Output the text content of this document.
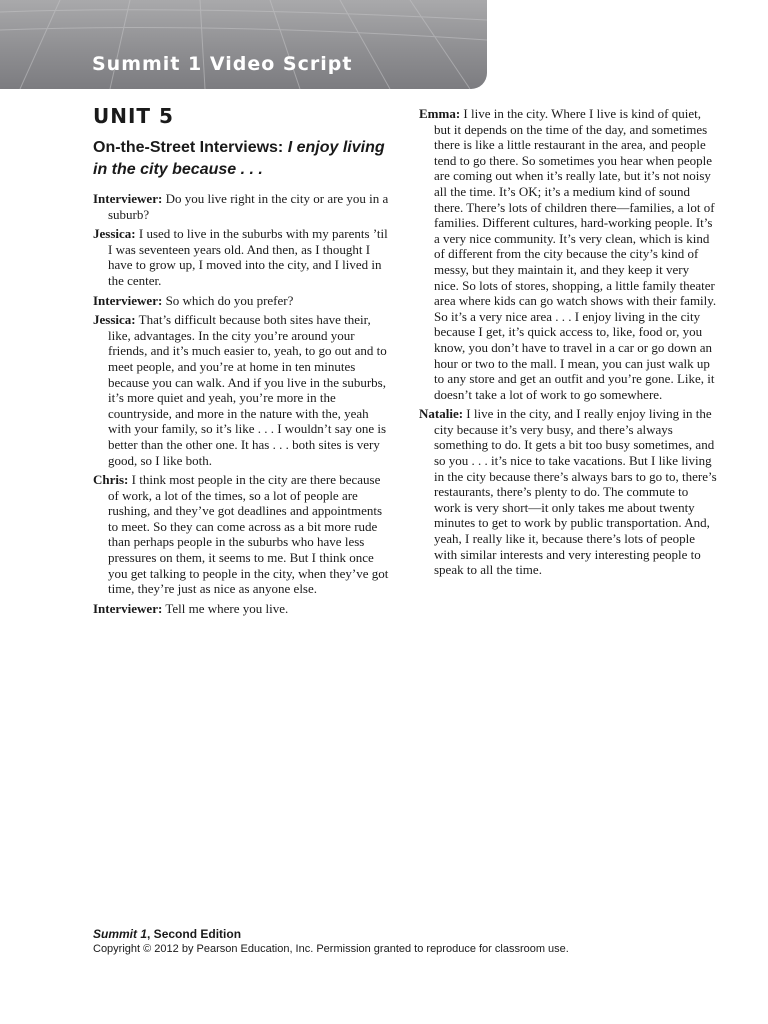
Summit 1 Video Script
UNIT 5
On-the-Street Interviews: I enjoy living in the city because . . .

Interviewer: Do you live right in the city or are you in a suburb?

Jessica: I used to live in the suburbs with my parents ’til I was seventeen years old. And then, as I thought I have to grow up, I moved into the city, and I lived in the center.

Interviewer: So which do you prefer?

Jessica: That’s difficult because both sites have their, like, advantages. In the city you’re around your friends, and it’s much easier to, yeah, to go out and to meet people, and you’re at home in ten minutes because you can walk. And if you live in the suburbs, it’s more quiet and yeah, you’re more in the countryside, and more in the nature with the, yeah with your family, so it’s like . . . I wouldn’t say one is better than the other one. It has . . . both sites is very good, so I like both.

Chris: I think most people in the city are there because of work, a lot of the times, so a lot of people are rushing, and they’ve got deadlines and appointments to meet. So they can come across as a bit more rude than perhaps people in the suburbs who have less pressures on them, it seems to me. But I think once you get talking to people in the city, when they’ve got time, they’re just as nice as anyone else.

Interviewer: Tell me where you live.

Emma: I live in the city. Where I live is kind of quiet, but it depends on the time of the day, and sometimes there is like a little restaurant in the area, and people tend to go there. So sometimes you hear when people are coming out when it’s really late, but it’s not noisy all the time. It’s OK; it’s a medium kind of sound there. There’s lots of children there—families, a lot of families. Different cultures, hard-working people. It’s a very nice community. It’s very clean, which is kind of different from the city because the city’s kind of messy, but they maintain it, and they keep it very nice. So lots of stores, shopping, a little family theater area where kids can go watch shows with their family. So it’s a very nice area . . . I enjoy living in the city because I get, it’s quick access to, like, food or, you know, you don’t have to travel in a car or go down an hour or two to the mall. I mean, you can just walk up to any store and get an outfit and you’re gone. Like, it doesn’t take a lot of work to go somewhere.

Natalie: I live in the city, and I really enjoy living in the city because it’s very busy, and there’s always something to do. It gets a bit too busy sometimes, and so you . . . it’s nice to take vacations. But I like living in the city because there’s always bars to go to, there’s restaurants, there’s plenty to do. The commute to work is very short—it only takes me about twenty minutes to get to work by public transportation. And, yeah, I really like it, because there’s lots of people with similar interests and very interesting people to speak to all the time.

Summit 1, Second Edition
Copyright © 2012 by Pearson Education, Inc. Permission granted to reproduce for classroom use.
